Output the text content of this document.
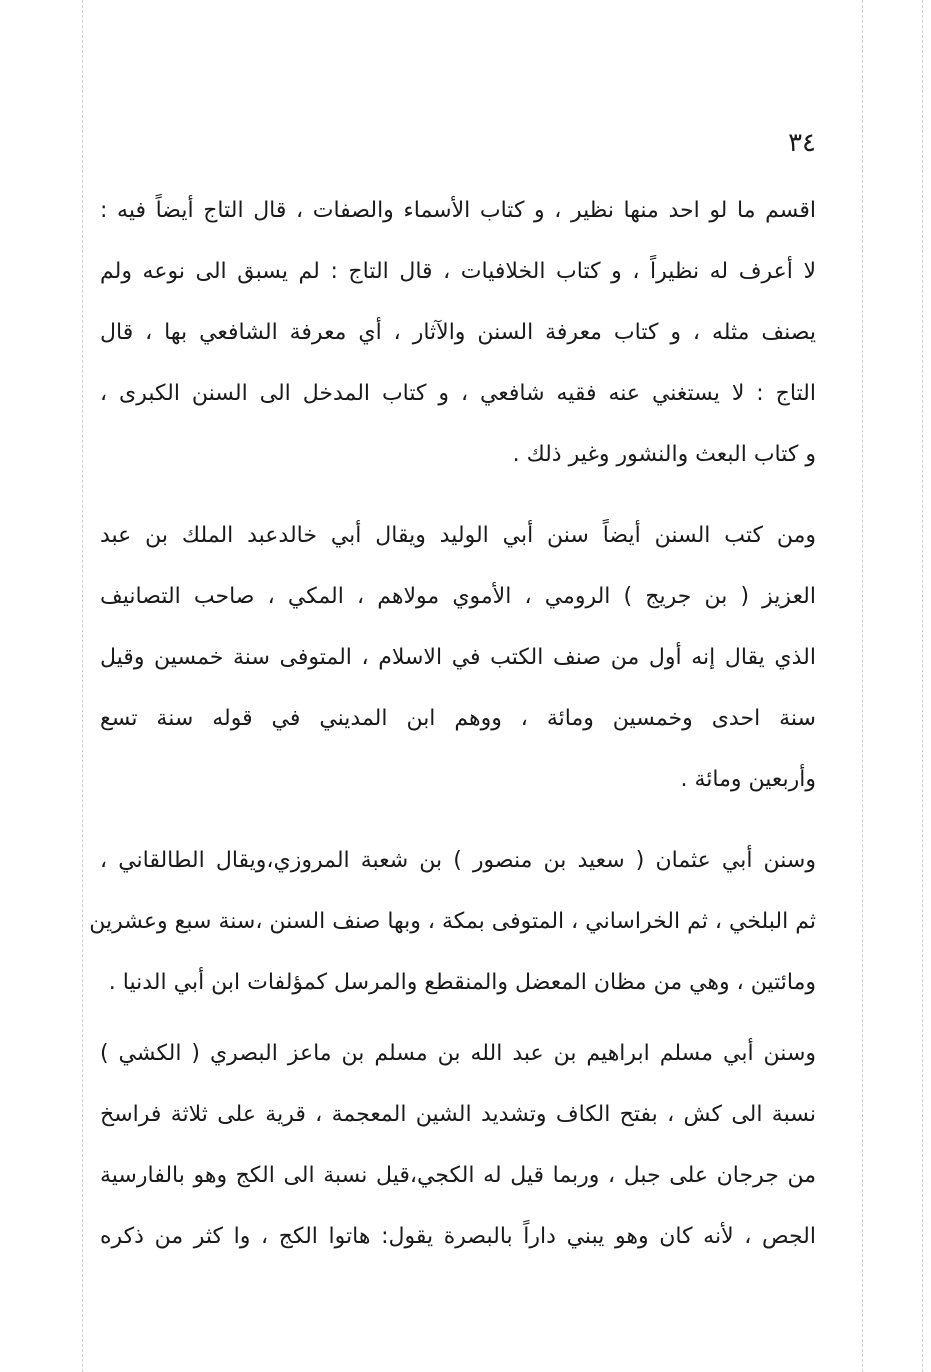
٣٤
اقسم ما لو احد منها نظير ، و كتاب الأسماء والصفات ، قال التاج أيضاً فيه :
لا أعرف له نظيراً ، و كتاب الخلافيات ، قال التاج : لم يسبق الى نوعه ولم
يصنف مثله ، و كتاب معرفة السنن والآثار ، أي معرفة الشافعي بها ، قال
التاج : لا يستغني عنه فقيه شافعي ، و كتاب المدخل الى السنن الكبرى ،
و كتاب البعث والنشور وغير ذلك .
ومن كتب السنن أيضاً سنن أبي الوليد ويقال أبي خالدعبد الملك بن عبد
العزيز ( بن جريج ) الرومي ، الأموي مولاهم ، المكي ، صاحب التصانيف
الذي يقال إنه أول من صنف الكتب في الاسلام ، المتوفى سنة خمسين وقيل
سنة احدى وخمسين ومائة ، ووهم ابن المديني في قوله سنة تسع
وأربعين ومائة .
وسنن أبي عثمان ( سعيد بن منصور ) بن شعبة المروزي،ويقال الطالقاني ،
ثم البلخي ، ثم الخراساني ، المتوفى بمكة ، وبها صنف السنن ،سنة سبع وعشرين
ومائتين ، وهي من مظان المعضل والمنقطع والمرسل كمؤلفات ابن أبي الدنيا .
وسنن أبي مسلم ابراهيم بن عبد الله بن مسلم بن ماعز البصري ( الكشي )
نسبة الى كش ، بفتح الكاف وتشديد الشين المعجمة ، قرية على ثلاثة فراسخ
من جرجان على جبل ، وربما قيل له الكجي،قيل نسبة الى الكج وهو بالفارسية
الجص ، لأنه كان وهو يبني داراً بالبصرة يقول: هاتوا الكج ، وا كثر من ذكره
